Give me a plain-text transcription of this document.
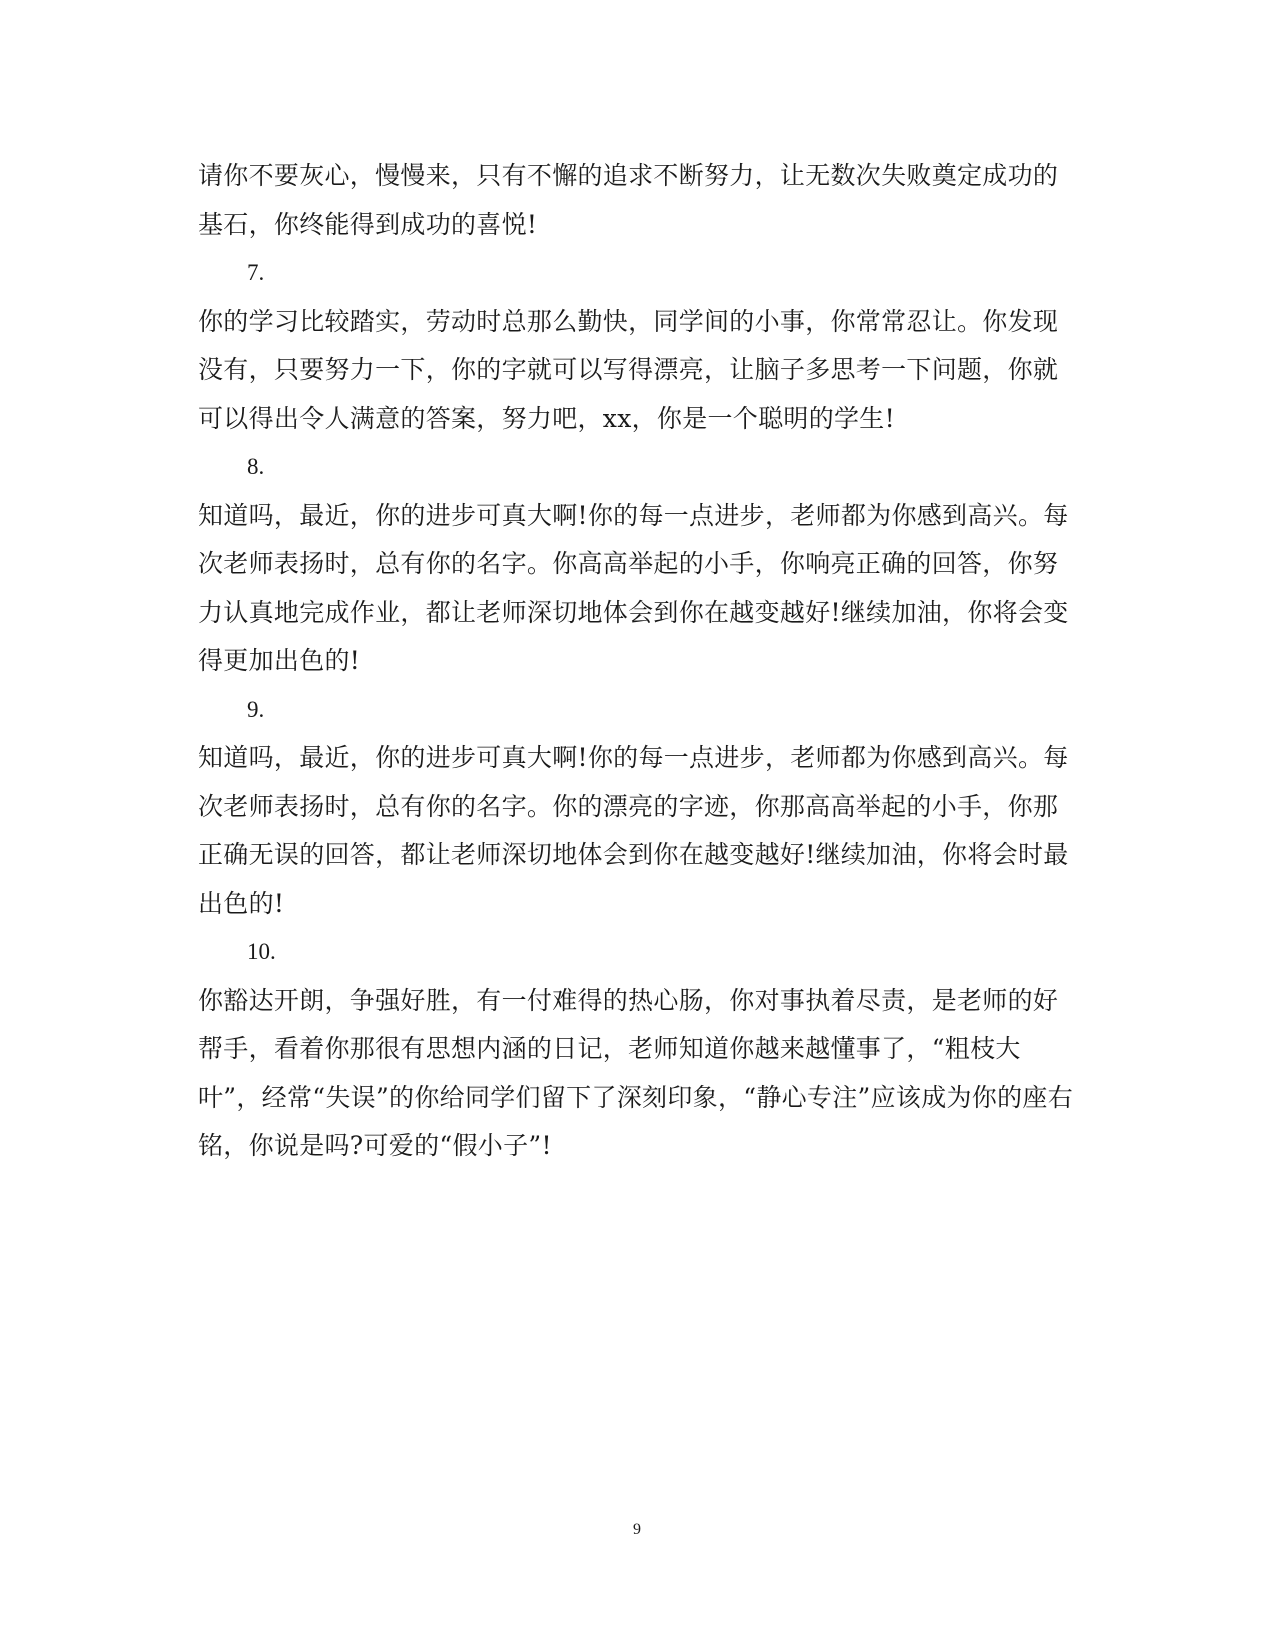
请你不要灰心，慢慢来，只有不懈的追求不断努力，让无数次失败奠定成功的基石，你终能得到成功的喜悦!

7.

你的学习比较踏实，劳动时总那么勤快，同学间的小事，你常常忍让。你发现没有，只要努力一下，你的字就可以写得漂亮，让脑子多思考一下问题，你就可以得出令人满意的答案，努力吧，xx，你是一个聪明的学生!

8.

知道吗，最近，你的进步可真大啊!你的每一点进步，老师都为你感到高兴。每次老师表扬时，总有你的名字。你高高举起的小手，你响亮正确的回答，你努力认真地完成作业，都让老师深切地体会到你在越变越好!继续加油，你将会变得更加出色的!

9.

知道吗，最近，你的进步可真大啊!你的每一点进步，老师都为你感到高兴。每次老师表扬时，总有你的名字。你的漂亮的字迹，你那高高举起的小手，你那正确无误的回答，都让老师深切地体会到你在越变越好!继续加油，你将会时最出色的!

10.

你豁达开朗，争强好胜，有一付难得的热心肠，你对事执着尽责，是老师的好帮手，看着你那很有思想内涵的日记，老师知道你越来越懂事了，“粗枝大叶”，经常“失误”的你给同学们留下了深刻印象，“静心专注”应该成为你的座右铭，你说是吗?可爱的“假小子”!

9
